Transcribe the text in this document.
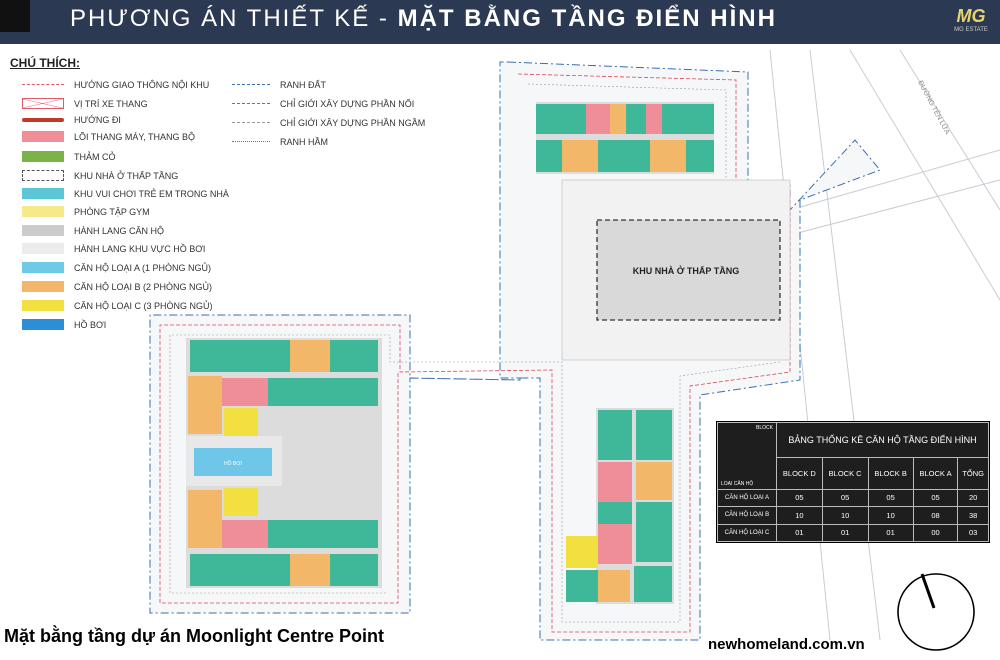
PHƯƠNG ÁN THIẾT KẾ - MẶT BẰNG TẦNG ĐIỂN HÌNH	MG
MG ESTATE
ĐƯỜNG TÊN LỬA
KHU NHÀ Ở THẤP TẦNG
HỒ BƠI
CHÚ THÍCH:
HƯỚNG GIAO THÔNG NỘI KHU
VỊ TRÍ XE THANG
HƯỚNG ĐI
LÕI THANG MÁY, THANG BỘ
THẢM CỎ
KHU NHÀ Ở THẤP TẦNG
KHU VUI CHƠI TRẺ EM TRONG NHÀ
PHÒNG TẬP GYM
HÀNH LANG CĂN HỘ
HÀNH LANG KHU VỰC HỒ BƠI
CĂN HỘ LOẠI A (1 PHÒNG NGỦ)
CĂN HỘ LOẠI B (2 PHÒNG NGỦ)
CĂN HỘ LOẠI C (3 PHÒNG NGỦ)
HỒ BƠI
RANH ĐẤT
CHỈ GIỚI XÂY DỰNG PHẦN NỔI
CHỈ GIỚI XÂY DỰNG PHẦN NGẦM
RANH HẦM
BLOCK
LOẠI CĂN HỘ	BẢNG THỐNG KÊ CĂN HỘ TẦNG ĐIỂN HÌNH				
	BLOCK D	BLOCK C	BLOCK B	BLOCK A	TỔNG
CĂN HỘ LOẠI A	05	05	05	05	20
CĂN HỘ LOẠI B	10	10	10	08	38
CĂN HỘ LOẠI C	01	01	01	00	03
Mặt bằng tầng dự án Moonlight Centre Point	newhomeland.com.vn
